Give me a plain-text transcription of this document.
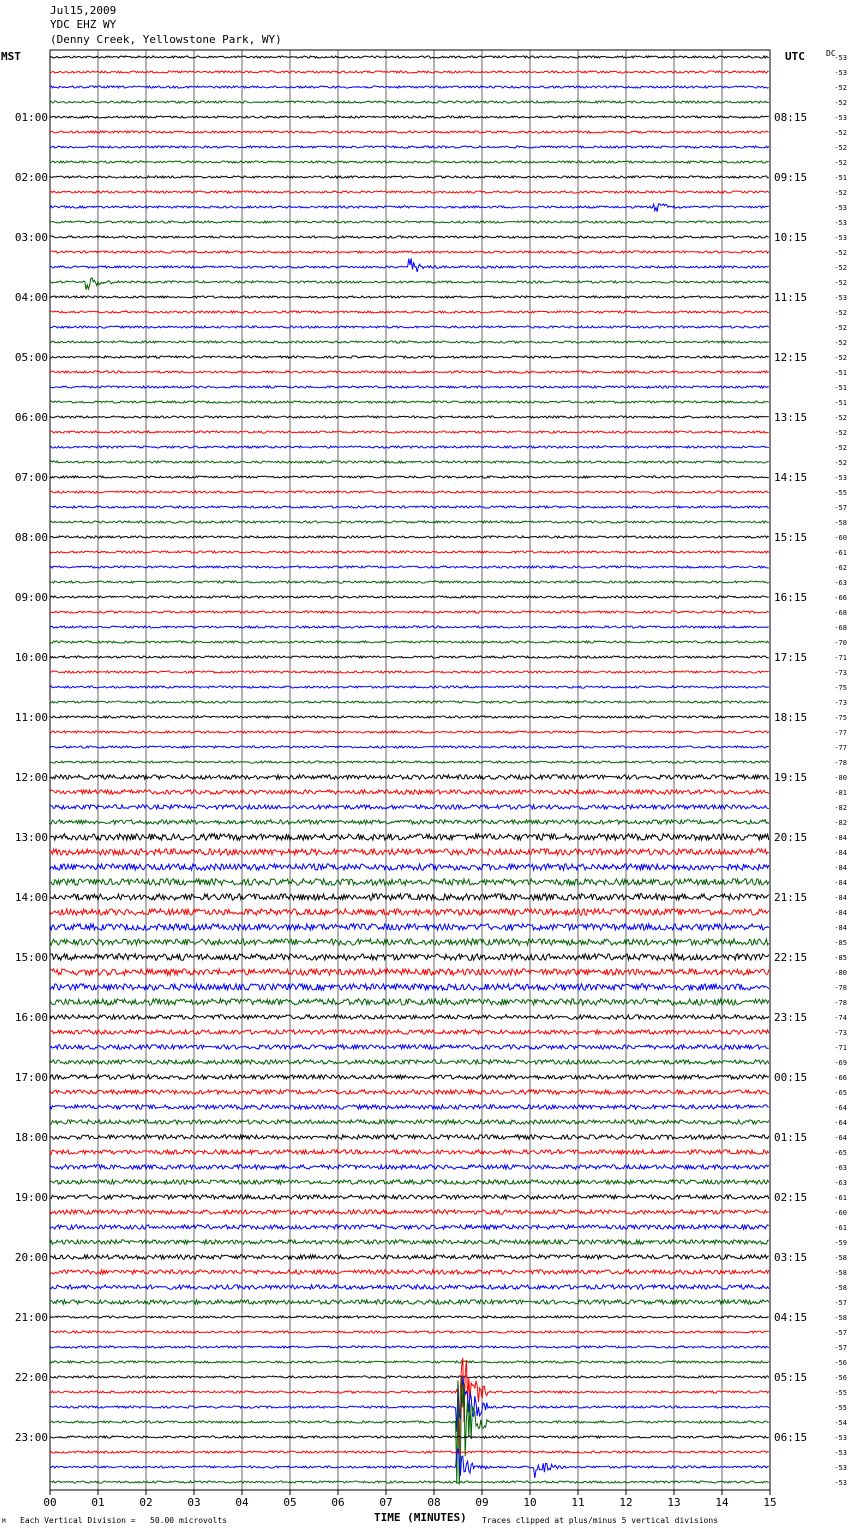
-53
-53
-52
-52
-53
-52
-52
-52
-51
-52
-53
-53
-53
-52
-52
-52
-53
-52
-52
-52
-52
-51
-51
-51
-52
-52
-52
-52
-53
-55
-57
-58
-60
-61
-62
-63
-66
-68
-68
-70
-71
-73
-75
-73
-75
-77
-77
-78
-80
-81
-82
-82
-84
-84
-84
-84
-84
-84
-84
-85
-85
-80
-78
-78
-74
-73
-71
-69
-66
-65
-64
-64
-64
-65
-63
-63
-61
-60
-61
-59
-58
-58
-58
-57
-58
-57
-57
-56
-56
-55
-55
-54
-53
-53
-53
-53
01:00	08:15
02:00	09:15
03:00	10:15
04:00	11:15
05:00	12:15
06:00	13:15
07:00	14:15
08:00	15:15
09:00	16:15
10:00	17:15
11:00	18:15
12:00	19:15
13:00	20:15
14:00	21:15
15:00	22:15
16:00	23:15
17:00	00:15
18:00	01:15
19:00	02:15
20:00	03:15
21:00	04:15
22:00	05:15
23:00	06:15
00	01	02	03	04	05	06	07	08	09	10	11	12	13	14	15
Jul15,2009
YDC EHZ WY
(Denny Creek, Yellowstone Park, WY)
MST	UTC	DC
TIME (MINUTES)
Each Vertical Division =   50.00 microvolts	Traces clipped at plus/minus 5 vertical divisions
M
